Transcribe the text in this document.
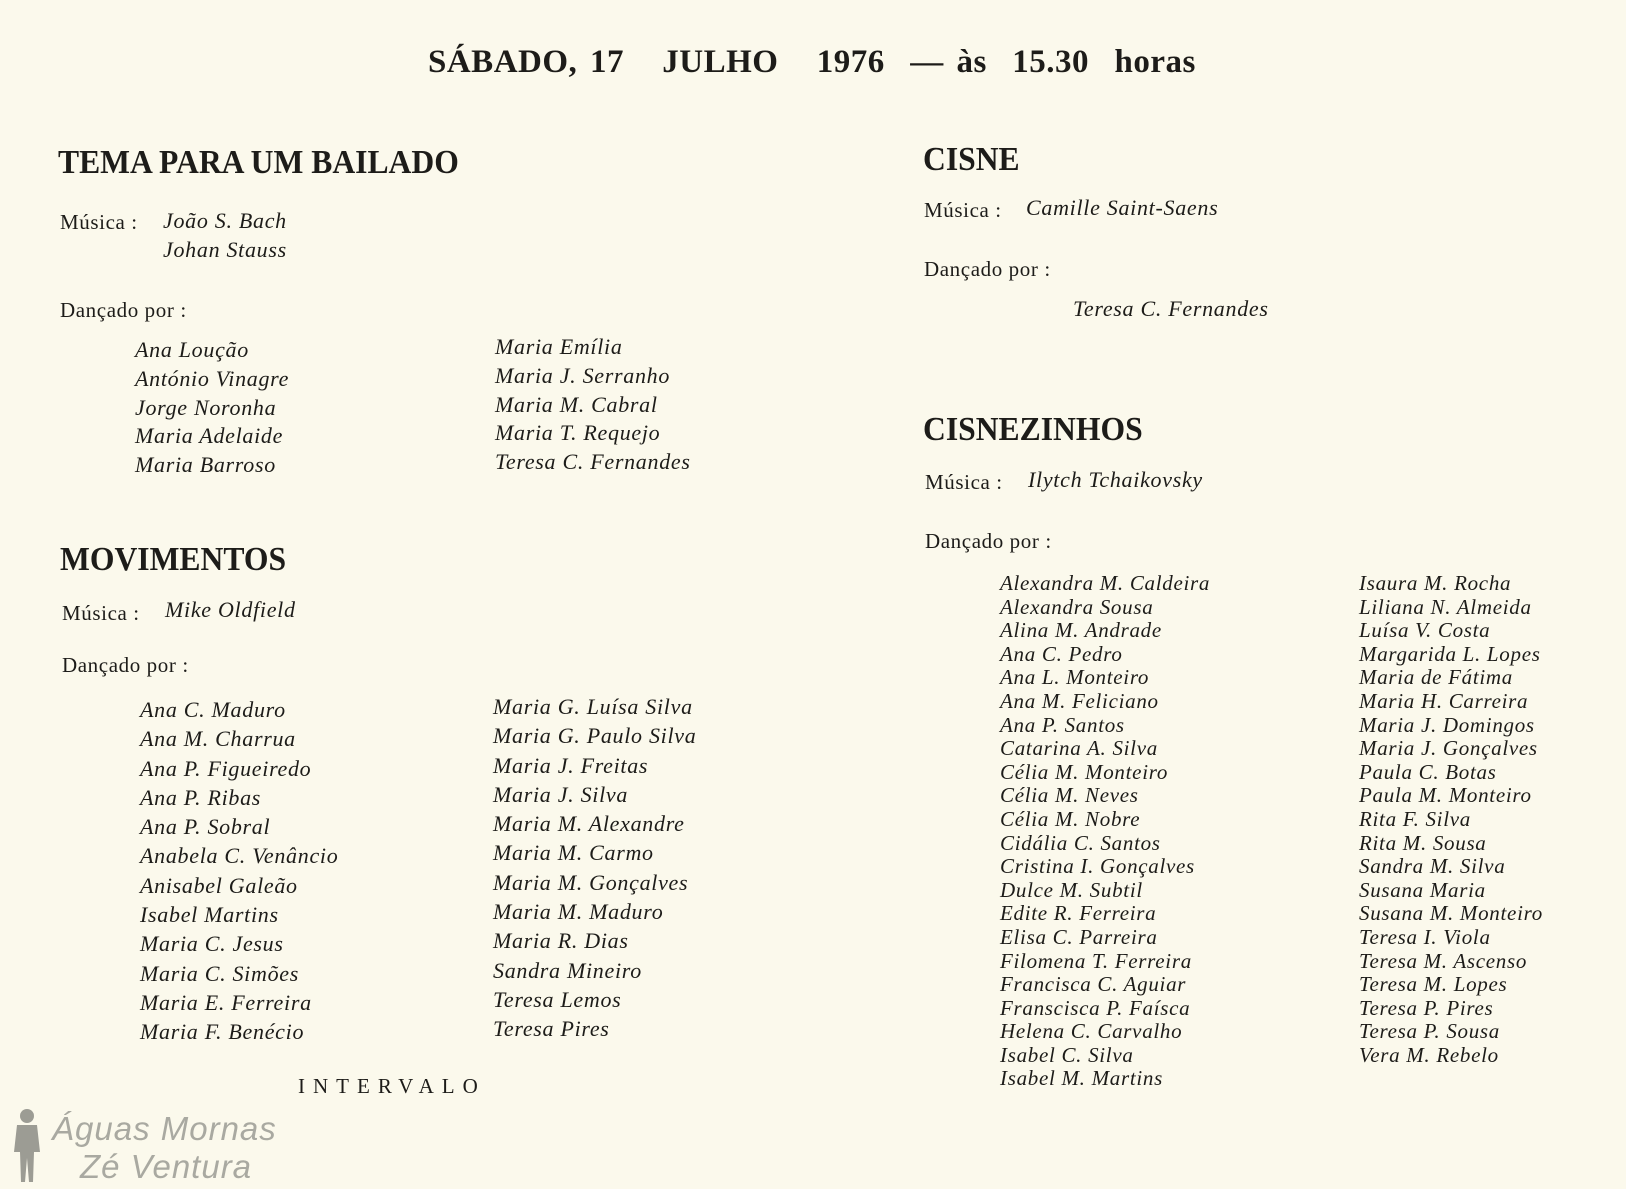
SÁBADO, 17   JULHO   1976  — às  15.30  horas
TEMA PARA UM BAILADO
Música : João S. Bach
Johan Stauss
Dançado por :
Ana Loução
António Vinagre
Jorge Noronha
Maria Adelaide
Maria Barroso
Maria Emília
Maria J. Serranho
Maria M. Cabral
Maria T. Requejo
Teresa C. Fernandes
MOVIMENTOS
Música : Mike Oldfield
Dançado por :
Ana C. Maduro
Ana M. Charrua
Ana P. Figueiredo
Ana P. Ribas
Ana P. Sobral
Anabela C. Venâncio
Anisabel Galeão
Isabel Martins
Maria C. Jesus
Maria C. Simões
Maria E. Ferreira
Maria F. Benécio
Maria G. Luísa Silva
Maria G. Paulo Silva
Maria J. Freitas
Maria J. Silva
Maria M. Alexandre
Maria M. Carmo
Maria M. Gonçalves
Maria M. Maduro
Maria R. Dias
Sandra Mineiro
Teresa Lemos
Teresa Pires
INTERVALO
CISNE
Música : Camille Saint-Saens
Dançado por :
Teresa C. Fernandes
CISNEZINHOS
Música : Ilytch Tchaikovsky
Dançado por :
Alexandra M. Caldeira
Alexandra Sousa
Alina M. Andrade
Ana C. Pedro
Ana L. Monteiro
Ana M. Feliciano
Ana P. Santos
Catarina A. Silva
Célia M. Monteiro
Célia M. Neves
Célia M. Nobre
Cidália C. Santos
Cristina I. Gonçalves
Dulce M. Subtil
Edite R. Ferreira
Elisa C. Parreira
Filomena T. Ferreira
Francisca C. Aguiar
Franscisca P. Faísca
Helena C. Carvalho
Isabel C. Silva
Isabel M. Martins
Isaura M. Rocha
Liliana N. Almeida
Luísa V. Costa
Margarida L. Lopes
Maria de Fátima
Maria H. Carreira
Maria J. Domingos
Maria J. Gonçalves
Paula C. Botas
Paula M. Monteiro
Rita F. Silva
Rita M. Sousa
Sandra M. Silva
Susana Maria
Susana M. Monteiro
Teresa I. Viola
Teresa M. Ascenso
Teresa M. Lopes
Teresa P. Pires
Teresa P. Sousa
Vera M. Rebelo
Águas Mornas
Zé Ventura
